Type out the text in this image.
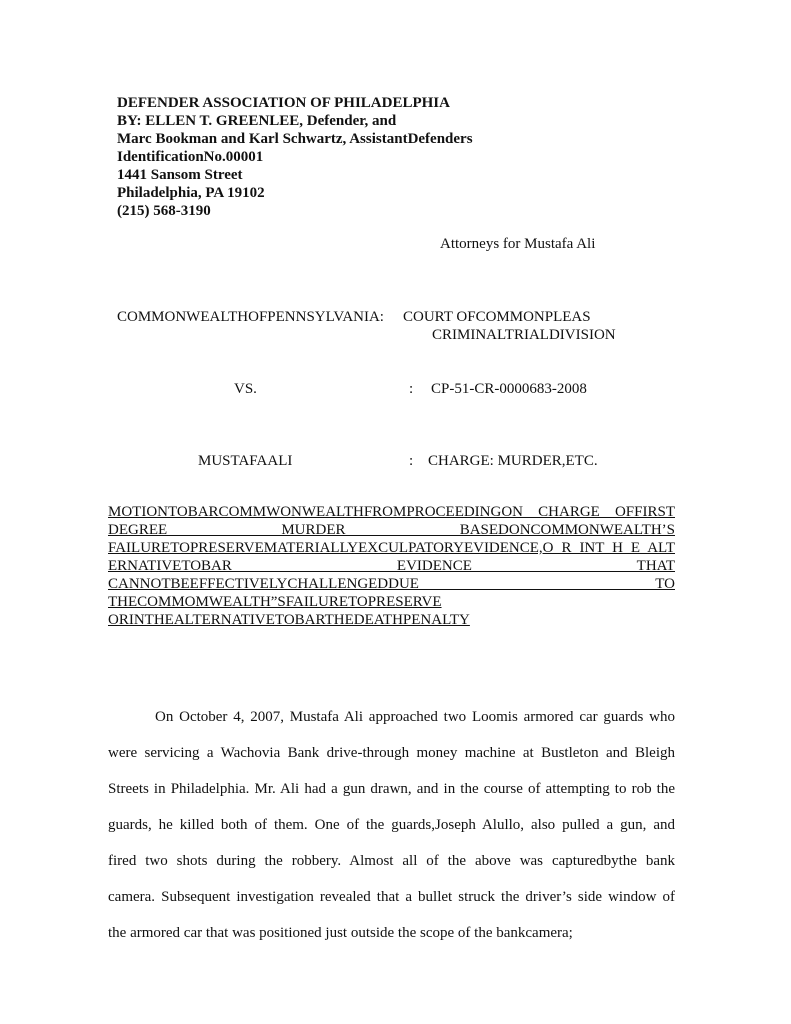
DEFENDER ASSOCIATION OF PHILADELPHIA
BY: ELLEN T. GREENLEE, Defender, and
Marc Bookman and Karl Schwartz, AssistantDefenders
IdentificationNo.00001
1441 Sansom Street
Philadelphia, PA 19102
(215) 568-3190
Attorneys for Mustafa Ali
COMMONWEALTHOFPENNSYLVANIA: COURT OFCOMMONPLEAS
CRIMINALTRIALDIVISION
VS.	: CP-51-CR-0000683-2008
MUSTAFAALI	: CHARGE: MURDER,ETC.
MOTIONTOBARCOMMWONWEALTHFROMPROCEEDINGON CHARGE OFFIRST
DEGREE MURDER BASEDONCOMMONWEALTH’S
FAILURETOPRESERVEMATERIALLYEXCULPATORYEVIDENCE,O R INT H E ALT
ERNATIVETOBAR EVIDENCE THAT
CANNOTBEEFFECTIVELYCHALLENGEDDUE TO
THECOMMOMWEALTH”SFAILURETOPRESERVE
ORINTHEALTERNATIVETOBARTHEDEATHPENALTY
On October 4, 2007, Mustafa Ali approached two Loomis armored car guards who
were servicing a Wachovia Bank drive-through money machine at Bustleton and Bleigh
Streets in Philadelphia. Mr. Ali had a gun drawn, and in the course of attempting to rob the
guards, he killed both of them. One of the guards,Joseph Alullo, also pulled a gun, and
fired two shots during the robbery. Almost all of the above was capturedbythe bank
camera. Subsequent investigation revealed that a bullet struck the driver’s side window of
the armored car that was positioned just outside the scope of the bankcamera;
